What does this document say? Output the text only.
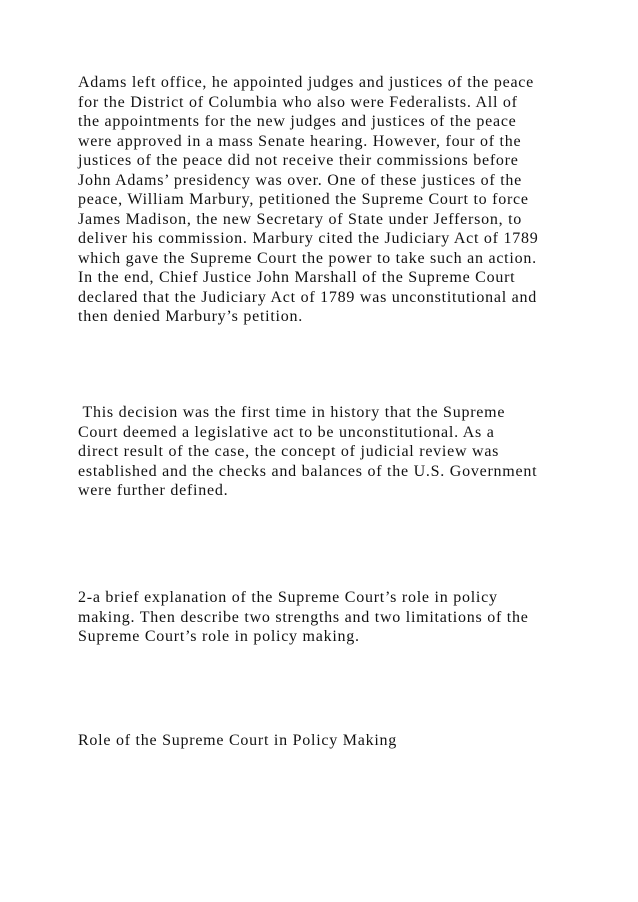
Adams left office, he appointed judges and justices of the peace
for the District of Columbia who also were Federalists. All of
the appointments for the new judges and justices of the peace
were approved in a mass Senate hearing. However, four of the
justices of the peace did not receive their commissions before
John Adams’ presidency was over. One of these justices of the
peace, William Marbury, petitioned the Supreme Court to force
James Madison, the new Secretary of State under Jefferson, to
deliver his commission. Marbury cited the Judiciary Act of 1789
which gave the Supreme Court the power to take such an action.
In the end, Chief Justice John Marshall of the Supreme Court
declared that the Judiciary Act of 1789 was unconstitutional and
then denied Marbury’s petition.

This decision was the first time in history that the Supreme
Court deemed a legislative act to be unconstitutional. As a
direct result of the case, the concept of judicial review was
established and the checks and balances of the U.S. Government
were further defined.

2-a brief explanation of the Supreme Court’s role in policy
making. Then describe two strengths and two limitations of the
Supreme Court’s role in policy making.

Role of the Supreme Court in Policy Making
